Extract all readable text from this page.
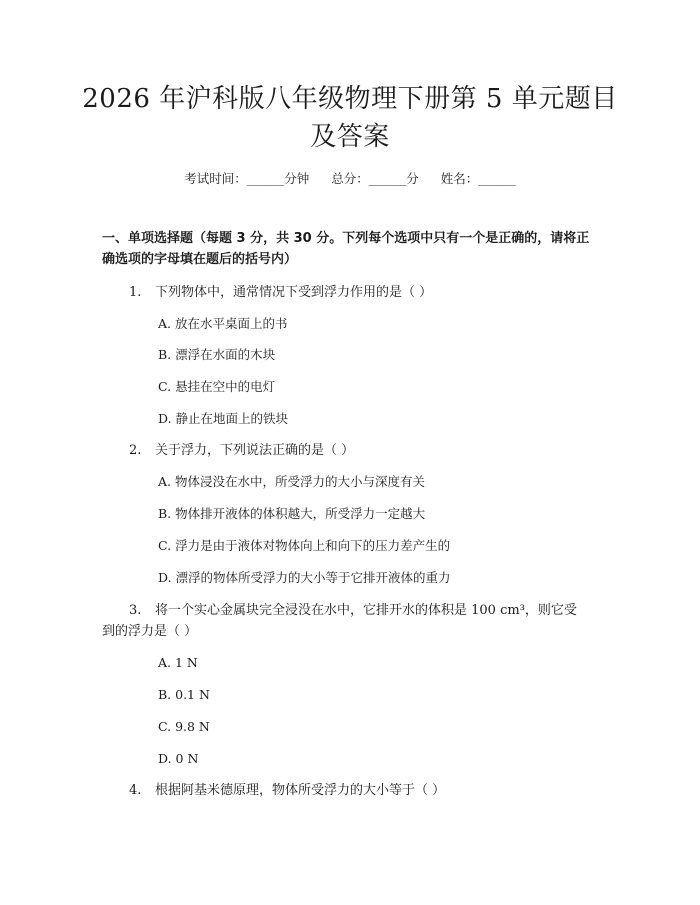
2026 年沪科版八年级物理下册第 5 单元题目及答案
考试时间：______分钟 总分：______分 姓名：______
一、单项选择题（每题 3 分，共 30 分。下列每个选项中只有一个是正确的，请将正确选项的字母填在题后的括号内）
1. 下列物体中，通常情况下受到浮力作用的是（ ）
A. 放在水平桌面上的书
B. 漂浮在水面的木块
C. 悬挂在空中的电灯
D. 静止在地面上的铁块
2. 关于浮力，下列说法正确的是（ ）
A. 物体浸没在水中，所受浮力的大小与深度有关
B. 物体排开液体的体积越大，所受浮力一定越大
C. 浮力是由于液体对物体向上和向下的压力差产生的
D. 漂浮的物体所受浮力的大小等于它排开液体的重力
3. 将一个实心金属块完全浸没在水中，它排开水的体积是 100 cm³，则它受
到的浮力是（ ）
A. 1 N
B. 0.1 N
C. 9.8 N
D. 0 N
4. 根据阿基米德原理，物体所受浮力的大小等于（ ）
